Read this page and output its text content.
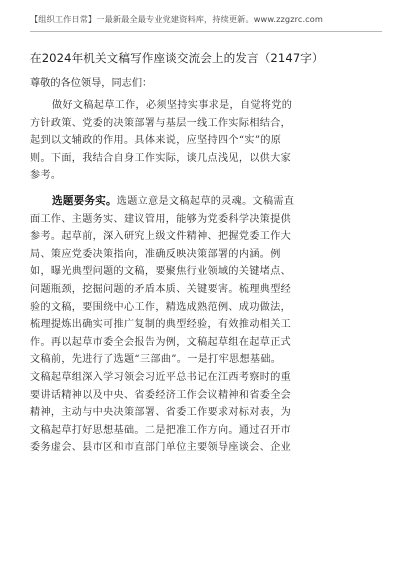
【组织工作日常】一最新最全最专业党建资料库，持续更新。www.zzgzrc.com
在2024年机关文稿写作座谈交流会上的发言（2147字）
尊敬的各位领导，同志们：
做好文稿起草工作，必须坚持实事求是，自觉将党的
方针政策、党委的决策部署与基层一线工作实际相结合，
起到以文辅政的作用。具体来说，应坚持四个“实”的原
则。下面，我结合自身工作实际，谈几点浅见，以供大家
参考。
选题要务实。选题立意是文稿起草的灵魂。文稿需直
面工作、主题务实、建议管用，能够为党委科学决策提供
参考。起草前，深入研究上级文件精神、把握党委工作大
局、策应党委决策指向，准确反映决策部署的内涵。例
如，曝光典型问题的文稿，要聚焦行业领域的关键堵点、
问题瓶颈，挖掘问题的矛盾本质、关键要害。梳理典型经
验的文稿，要围绕中心工作，精选成熟范例、成功做法，
梳理提炼出确实可推广复制的典型经验，有效推动相关工
作。再以起草市委全会报告为例，文稿起草组在起草正式
文稿前，先进行了选题“三部曲”。一是打牢思想基础。
文稿起草组深入学习领会习近平总书记在江西考察时的重
要讲话精神以及中央、省委经济工作会议精神和省委全会
精神，主动与中央决策部署、省委工作要求对标对表，为
文稿起草打好思想基础。二是把准工作方向。通过召开市
委务虚会、县市区和市直部门单位主要领导座谈会、企业
